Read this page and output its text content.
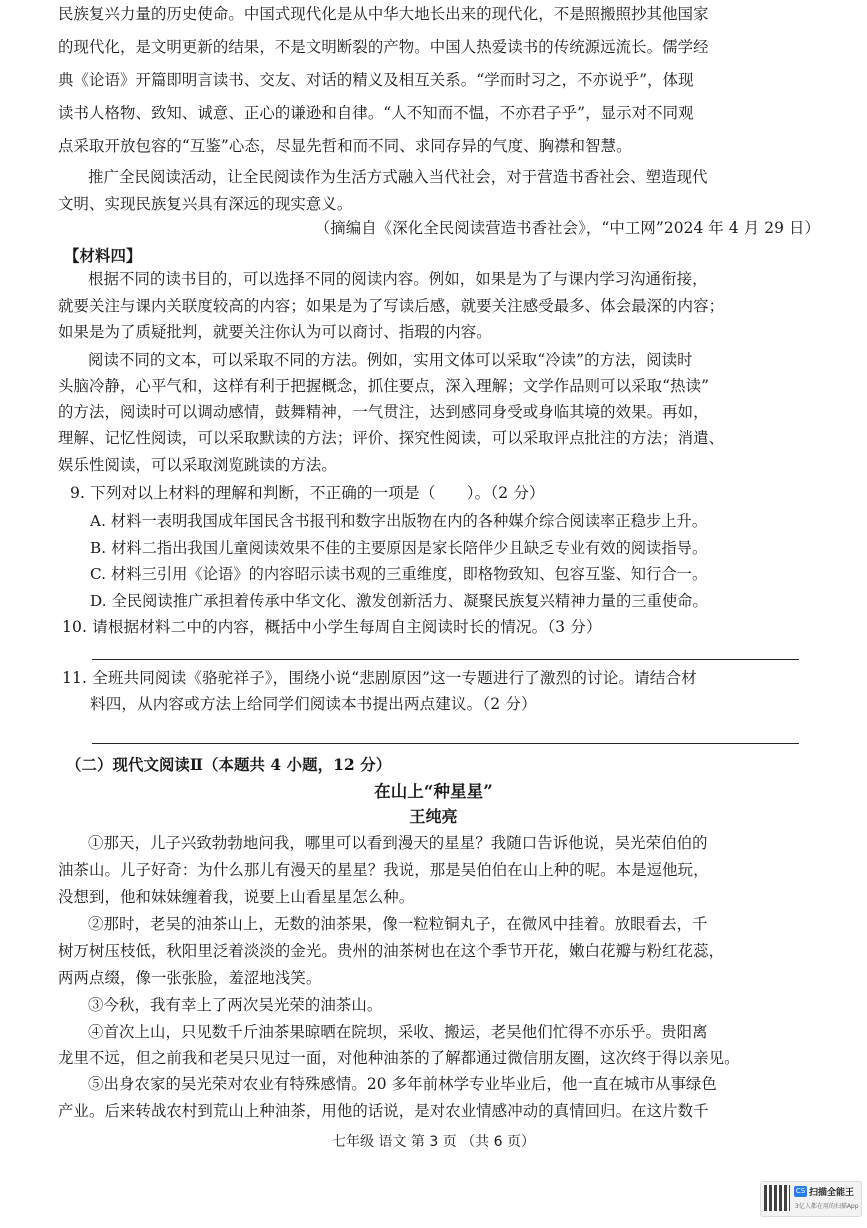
民族复兴力量的历史使命。中国式现代化是从中华大地长出来的现代化，不是照搬照抄其他国家
的现代化，是文明更新的结果，不是文明断裂的产物。中国人热爱读书的传统源远流长。儒学经
典《论语》开篇即明言读书、交友、对话的精义及相互关系。“学而时习之，不亦说乎”，体现
读书人格物、致知、诚意、正心的谦逊和自律。“人不知而不愠，不亦君子乎”，显示对不同观
点采取开放包容的“互鉴”心态，尽显先哲和而不同、求同存异的气度、胸襟和智慧。
推广全民阅读活动，让全民阅读作为生活方式融入当代社会，对于营造书香社会、塑造现代
文明、实现民族复兴具有深远的现实意义。
（摘编自《深化全民阅读营造书香社会》，“中工网”2024 年 4 月 29 日）
【材料四】
根据不同的读书目的，可以选择不同的阅读内容。例如，如果是为了与课内学习沟通衔接，
就要关注与课内关联度较高的内容；如果是为了写读后感，就要关注感受最多、体会最深的内容；
如果是为了质疑批判，就要关注你认为可以商讨、指瑕的内容。
阅读不同的文本，可以采取不同的方法。例如，实用文体可以采取“冷读”的方法，阅读时
头脑冷静，心平气和，这样有利于把握概念，抓住要点，深入理解；文学作品则可以采取“热读”
的方法，阅读时可以调动感情，鼓舞精神，一气贯注，达到感同身受或身临其境的效果。再如，
理解、记忆性阅读，可以采取默读的方法；评价、探究性阅读，可以采取评点批注的方法；消遣、
娱乐性阅读，可以采取浏览跳读的方法。
9. 下列对以上材料的理解和判断，不正确的一项是（　　）。（2 分）
A. 材料一表明我国成年国民含书报刊和数字出版物在内的各种媒介综合阅读率正稳步上升。
B. 材料二指出我国儿童阅读效果不佳的主要原因是家长陪伴少且缺乏专业有效的阅读指导。
C. 材料三引用《论语》的内容昭示读书观的三重维度，即格物致知、包容互鉴、知行合一。
D. 全民阅读推广承担着传承中华文化、激发创新活力、凝聚民族复兴精神力量的三重使命。
10. 请根据材料二中的内容，概括中小学生每周自主阅读时长的情况。（3 分）
11. 全班共同阅读《骆驼祥子》，围绕小说“悲剧原因”这一专题进行了激烈的讨论。请结合材
料四，从内容或方法上给同学们阅读本书提出两点建议。（2 分）
（二）现代文阅读Ⅱ（本题共 4 小题，12 分）
在山上“种星星”
王纯亮
①那天，儿子兴致勃勃地问我，哪里可以看到漫天的星星？我随口告诉他说，吴光荣伯伯的
油茶山。儿子好奇：为什么那儿有漫天的星星？我说，那是吴伯伯在山上种的呢。本是逗他玩，
没想到，他和妹妹缠着我，说要上山看星星怎么种。
②那时，老吴的油茶山上，无数的油茶果，像一粒粒铜丸子，在微风中挂着。放眼看去，千
树万树压枝低，秋阳里泛着淡淡的金光。贵州的油茶树也在这个季节开花，嫩白花瓣与粉红花蕊，
两两点缀，像一张张脸，羞涩地浅笑。
③今秋，我有幸上了两次吴光荣的油茶山。
④首次上山，只见数千斤油茶果晾晒在院坝，采收、搬运，老吴他们忙得不亦乐乎。贵阳离
龙里不远，但之前我和老吴只见过一面，对他种油茶的了解都通过微信朋友圈，这次终于得以亲见。
⑤出身农家的吴光荣对农业有特殊感情。20 多年前林学专业毕业后，他一直在城市从事绿色
产业。后来转战农村到荒山上种油茶，用他的话说，是对农业情感冲动的真情回归。在这片数千
七年级 语文 第 3 页 （共 6 页）
CS 扫描全能王
3亿人都在用的扫描App
